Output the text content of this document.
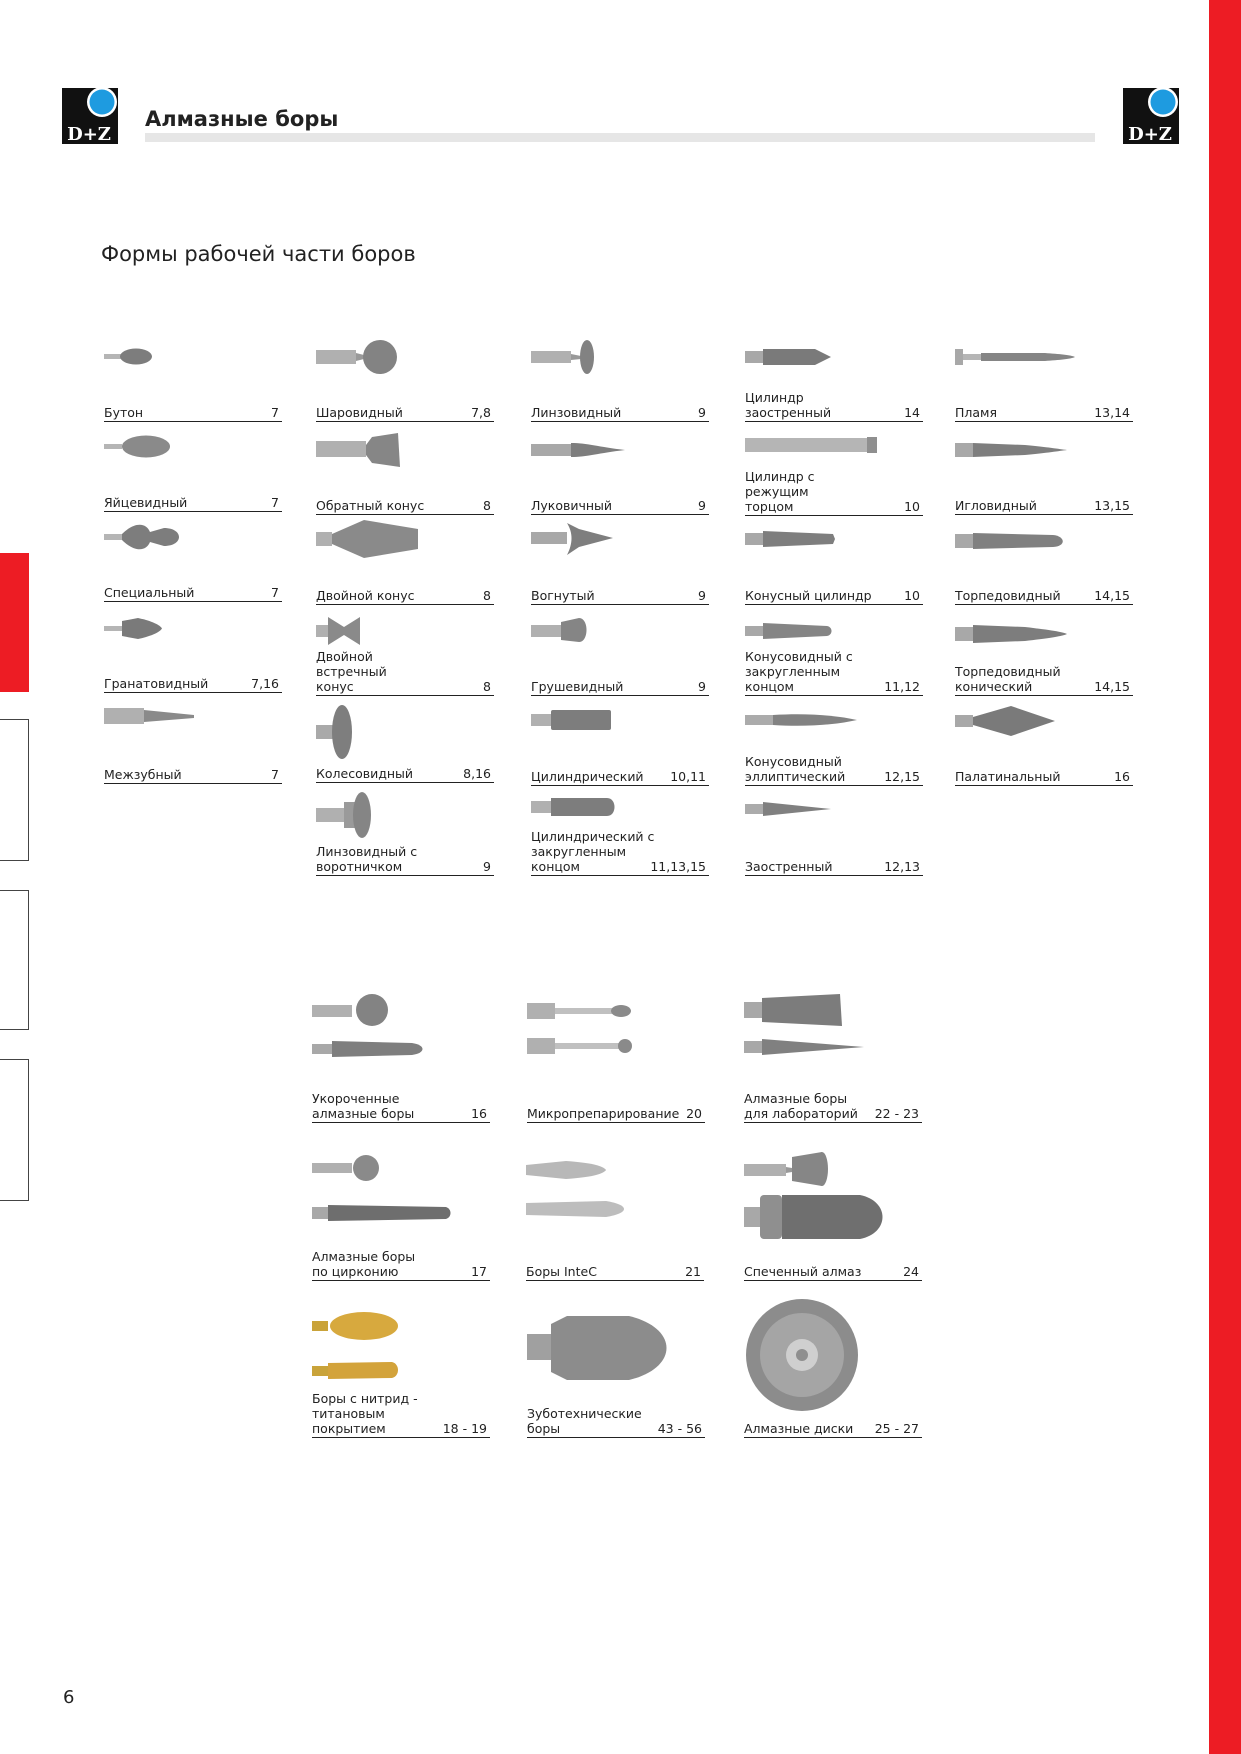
D+Z	D+Z
Алмазные боры
Формы рабочей части боров
Бутон	7
Яйцевидный	7
Специальный	7
Гранатовидный	7,16
Межзубный	7
Шаровидный	7,8
Обратный конус	8
Двойной конус	8
Двойной встречный
конус	8
Колесовидный	8,16
Линзовидный с
воротничком	9
Линзовидный	9
Луковичный	9
Вогнутый	9
Грушевидный	9
Цилиндрический 10,11
Цилиндрический с
закругленным
концом	11,13,15
Цилиндр заостренный	14
Цилиндр с режущим
торцом	10
Конусный цилиндр	10
Конусовидный с
закругленным концом	11,12
Конусовидный
эллиптический	12,15
Заостренный	12,13
Пламя	13,14
Игловидный	13,15
Торпедовидный	14,15
Торпедовидный
конический	14,15
Палатинальный	16
Укороченные
алмазные боры	16	Микропрепарирование 20
Алмазные боры
для лабораторий 22 - 23
Алмазные боры
по цирконию	17	Боры InteC	21	Спеченный алмаз	24
Боры с нитрид - титановым
покрытием	18 - 19
Зуботехнические
боры	43 - 56	Алмазные диски 25 - 27
6
